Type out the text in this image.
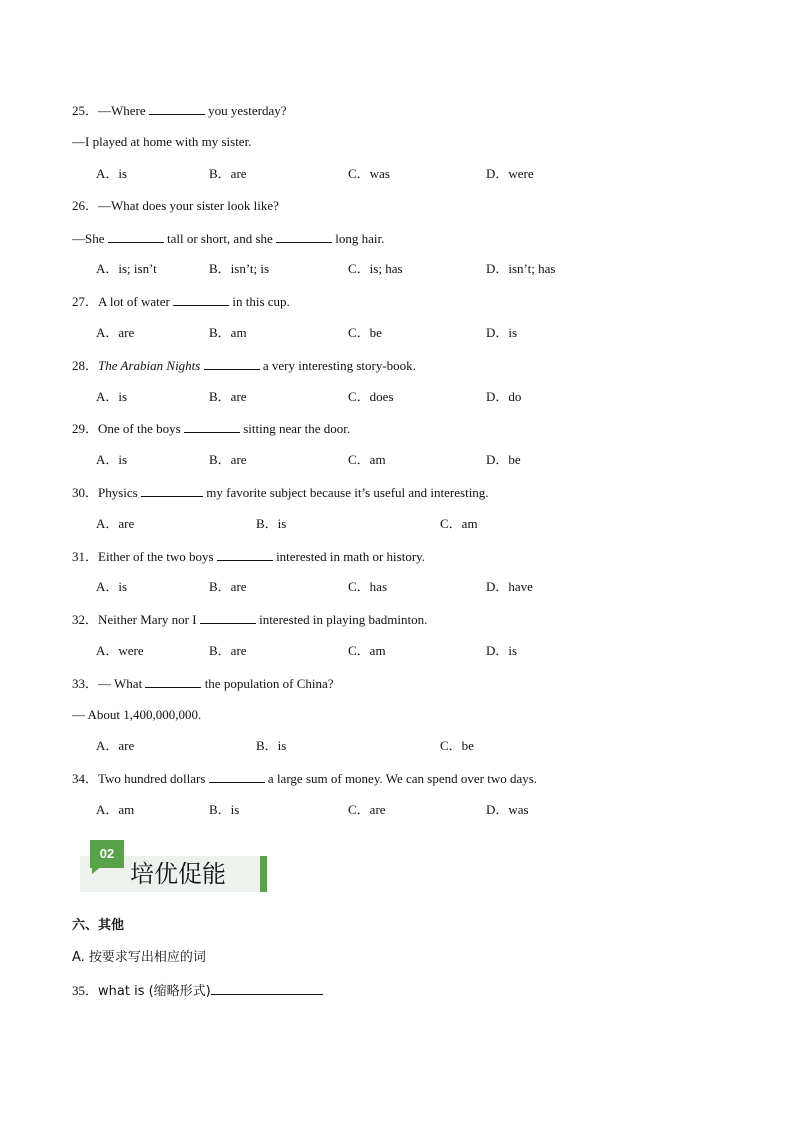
25．—Where	you yesterday?
—I played at home with my sister.
A．is	B．are	C．was	D．were
26．—What does your sister look like?
—She	tall or short, and she	long hair.
A．is; isn’t	B．isn’t; is	C．is; has	D．isn’t; has
27．A lot of water	in this cup.
A．are	B．am	C．be	D．is
28．The Arabian Nights	a very interesting story-book.
A．is	B．are	C．does	D．do
29．One of the boys	sitting near the door.
A．is	B．are	C．am	D．be
30．Physics	my favorite subject because it’s useful and interesting.
A．are	B．is	C．am
31．Either of the two boys	interested in math or history.
A．is	B．are	C．has	D．have
32．Neither Mary nor I	interested in playing badminton.
A．were	B．are	C．am	D．is
33．— What	the population of China?
— About 1,400,000,000.
A．are	B．is	C．be
34．Two hundred dollars	a large sum of money. We can spend over two days.
A．am	B．is	C．are	D．was
02
培优促能
六、其他
A. 按要求写出相应的词
35．what is (缩略形式)
